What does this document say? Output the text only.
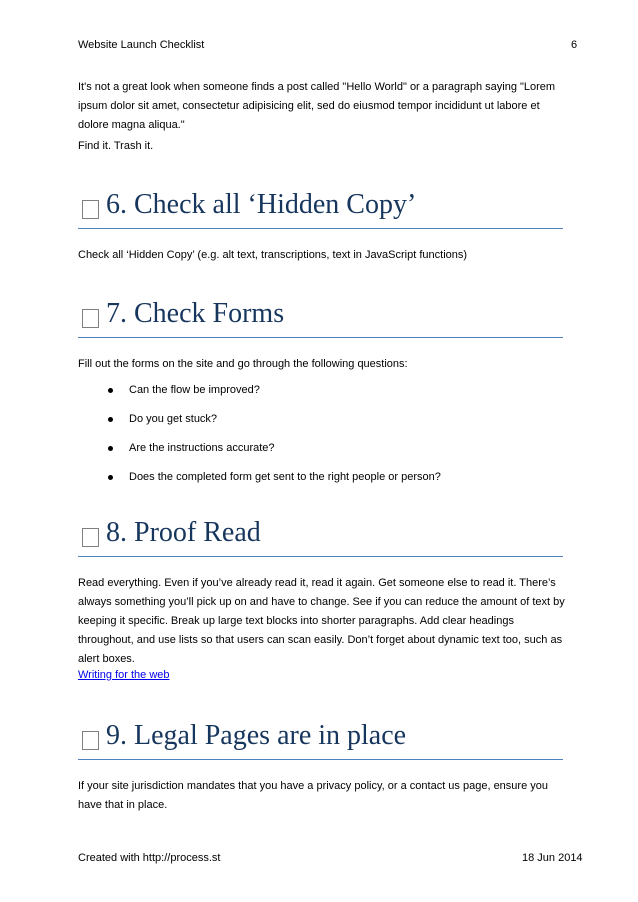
Website Launch Checklist	6

It's not a great look when someone finds a post called "Hello World" or a paragraph saying "Lorem ipsum dolor sit amet, consectetur adipisicing elit, sed do eiusmod tempor incididunt ut labore et dolore magna aliqua."

Find it. Trash it.

6. Check all ‘Hidden Copy’

Check all ‘Hidden Copy’ (e.g. alt text, transcriptions, text in JavaScript functions)

7. Check Forms

Fill out the forms on the site and go through the following questions:

Can the flow be improved?
Do you get stuck?
Are the instructions accurate?
Does the completed form get sent to the right people or person?
8. Proof Read

Read everything. Even if you’ve already read it, read it again. Get someone else to read it. There’s always something you’ll pick up on and have to change. See if you can reduce the amount of text by keeping it specific. Break up large text blocks into shorter paragraphs. Add clear headings throughout, and use lists so that users can scan easily. Don’t forget about dynamic text too, such as alert boxes.

Writing for the web
9. Legal Pages are in place

If your site jurisdiction mandates that you have a privacy policy, or a contact us page, ensure you have that in place.

Created with http://process.st	18 Jun 2014
